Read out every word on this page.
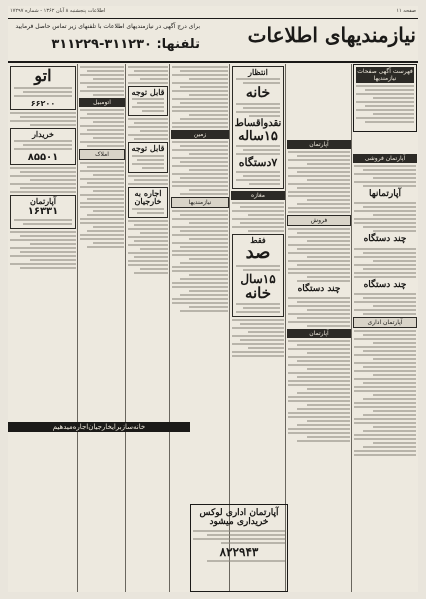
صفحه ۱۱
اطلاعات پنجشنبه ۸ آبان ۱۳۶۲ - شماره ۱۷۲۹۷
نیازمندیهای اطلاعات
برای درج آگهی در نیازمندیهای اطلاعات با تلفنهای زیر تماس حاصل فرمایید
تلفنها: ۳۱۱۲۳۰-۳۱۱۲۲۹
فهرست آگهی صفحات نیازمندیها
آپارتمان فروشی
آپارتمانها
چند دستگاه
چند دستگاه
آپارتمان اداری
آپارتمان
فروش
چند دستگاه
آپارتمان
انتظار
خانه
نقدواقساط
۱۵ساله
۷دستگاه
مغازه
فقط
صد
۱۵سال
خانه
زمین
نیازمندیها
قابل توجه
قابل توجه
اجاره به
خارجیان
اتومبیل
املاک
اتو
۶۶۲۰۰
خریدار
۸۵۵۰۱
آپارتمان
۱۶۳۳۱
خانه‌سازبرایخارجیان‌اجاره‌میدهیم
آپارتمان اداری لوکس
خریداری میشود
۸۲۲۹۴۳
